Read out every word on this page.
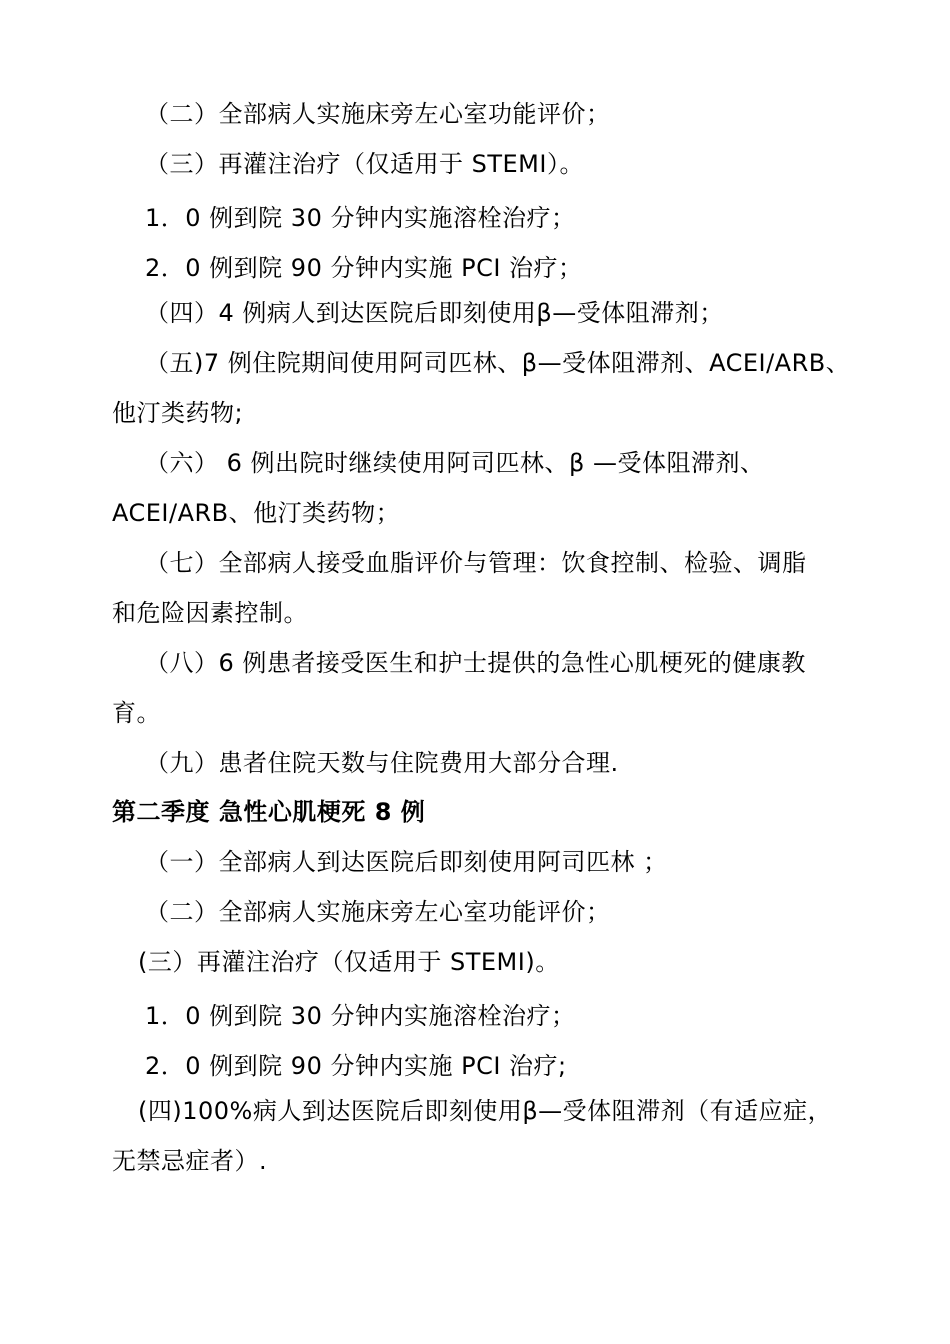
（二）全部病人实施床旁左心室功能评价；
（三）再灌注治疗（仅适用于 STEMI）。
1．0 例到院 30 分钟内实施溶栓治疗；
2．0 例到院 90 分钟内实施 PCI 治疗；
（四）4 例病人到达医院后即刻使用β—受体阻滞剂；
（五)7 例住院期间使用阿司匹林、β—受体阻滞剂、ACEI/ARB、
他汀类药物;
（六） 6 例出院时继续使用阿司匹林、β —受体阻滞剂、
ACEI/ARB、他汀类药物；
（七）全部病人接受血脂评价与管理：饮食控制、检验、调脂
和危险因素控制。
（八）6 例患者接受医生和护士提供的急性心肌梗死的健康教
育。
（九）患者住院天数与住院费用大部分合理.
第二季度 急性心肌梗死 8 例
（一）全部病人到达医院后即刻使用阿司匹林 ；
（二）全部病人实施床旁左心室功能评价；
(三）再灌注治疗（仅适用于 STEMI)。
1．0 例到院 30 分钟内实施溶栓治疗；
2．0 例到院 90 分钟内实施 PCI 治疗;
(四)100%病人到达医院后即刻使用β—受体阻滞剂（有适应症，
无禁忌症者）.
